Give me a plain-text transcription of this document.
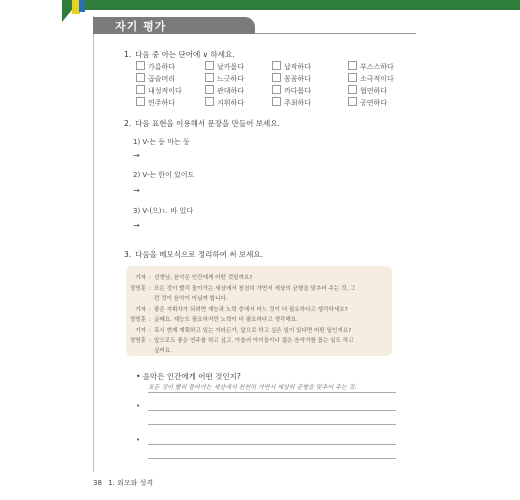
자기 평가
1. 다음 중 아는 단어에 ∨ 하세요.
가름하다	날카롭다	납작하다	부스스하다
곱슬머리	느긋하다	꼼꼼하다	소극적이다
내성적이다	관대하다	까다롭다	협연하다
연주하다	지휘하다	주최하다	공연하다
2. 다음 표현을 이용해서 문장을 만들어 보세요.
1) V-는 둥 마는 둥
→
2) V-는 한이 있어도
→
3) V-(으)ㄴ 바 있다
→
3. 다음을 메모식으로 정리하여 써 보세요.
기자 : 선생님, 음악은 인간에게 어떤 것일까요?
정명훈 : 모든 것이 빨리 돌아가는 세상에서 천천히 가면서 세상의 균형을 맞추어 주는 것, 그
런 것이 음악이 아닐까 합니다.
기자 : 좋은 지휘자가 되려면 재능과 노력 중에서 어느 것이 더 필요하다고 생각하세요?
정명훈 : 글쎄요. 재능도 필요하지만 노력이 더 필요하다고 생각해요.
기자 : 혹시 현재 계획하고 있는 거라든가, 앞으로 하고 싶은 일이 있다면 어떤 일인지요?
정명훈 : 앞으로도 좋은 연주를 하고 싶고, 아울러 아이들이나 젊은 음악가를 돕는 일도 하고
싶어요.
• 음악은 인간에게 어떤 것인지?
모든 것이 빨리 돌아가는 세상에서 천천히 가면서 세상의 균형을 맞추어 주는 것.
•
•
38 1. 외모와 성격
